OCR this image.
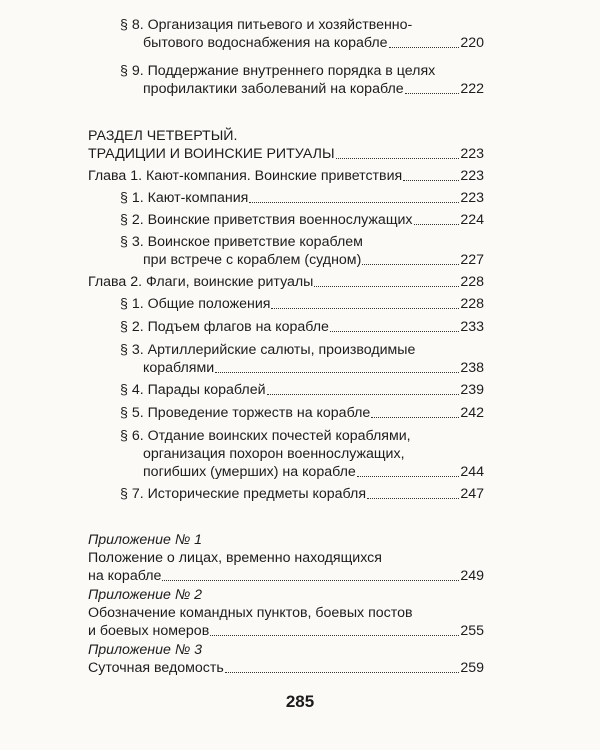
§ 8. Организация питьевого и хозяйственно-
бытового водоснабжения на корабле	220
§ 9. Поддержание внутреннего порядка в целях
профилактики заболеваний на корабле	222
РАЗДЕЛ ЧЕТВЕРТЫЙ.
ТРАДИЦИИ И ВОИНСКИЕ РИТУАЛЫ	223
Глава 1. Кают-компания. Воинские приветствия	223
§ 1. Кают-компания	223
§ 2. Воинские приветствия военнослужащих	224
§ 3. Воинское приветствие кораблем
при встрече с кораблем (судном)	227
Глава 2. Флаги, воинские ритуалы	228
§ 1. Общие положения	228
§ 2. Подъем флагов на корабле	233
§ 3. Артиллерийские салюты, производимые
кораблями	238
§ 4. Парады кораблей	239
§ 5. Проведение торжеств на корабле	242
§ 6. Отдание воинских почестей кораблями,
организация похорон военнослужащих,
погибших (умерших) на корабле	244
§ 7. Исторические предметы корабля	247
Приложение № 1
Положение о лицах, временно находящихся
на корабле	249
Приложение № 2
Обозначение командных пунктов, боевых постов
и боевых номеров	255
Приложение № 3
Суточная ведомость	259
285
